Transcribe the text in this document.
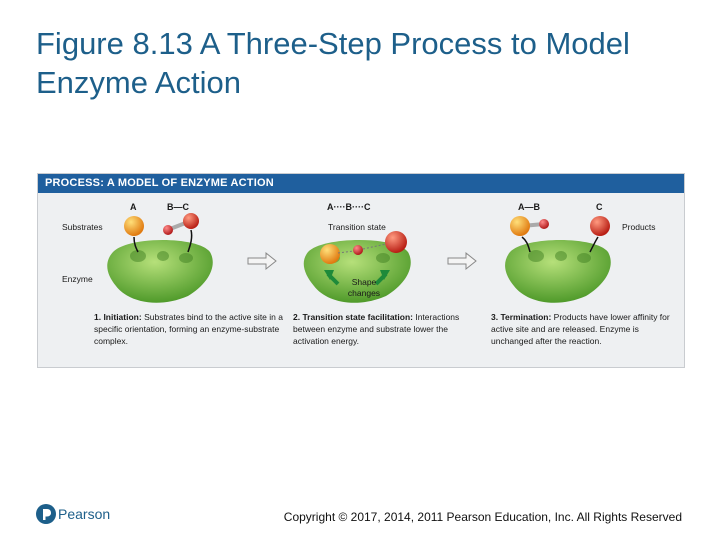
Figure 8.13 A Three-Step Process to Model Enzyme Action
PROCESS: A MODEL OF ENZYME ACTION
Substrates
Enzyme
Transition state
Shape changes
Products
A	B—C	A····B····C	A—B	C
1. Initiation: Substrates bind to the active site in a specific orientation, forming an enzyme-substrate complex.
2. Transition state facilitation: Interactions between enzyme and substrate lower the activation energy.
3. Termination: Products have lower affinity for active site and are released. Enzyme is unchanged after the reaction.
Pearson	Copyright © 2017, 2014, 2011 Pearson Education, Inc. All Rights Reserved
